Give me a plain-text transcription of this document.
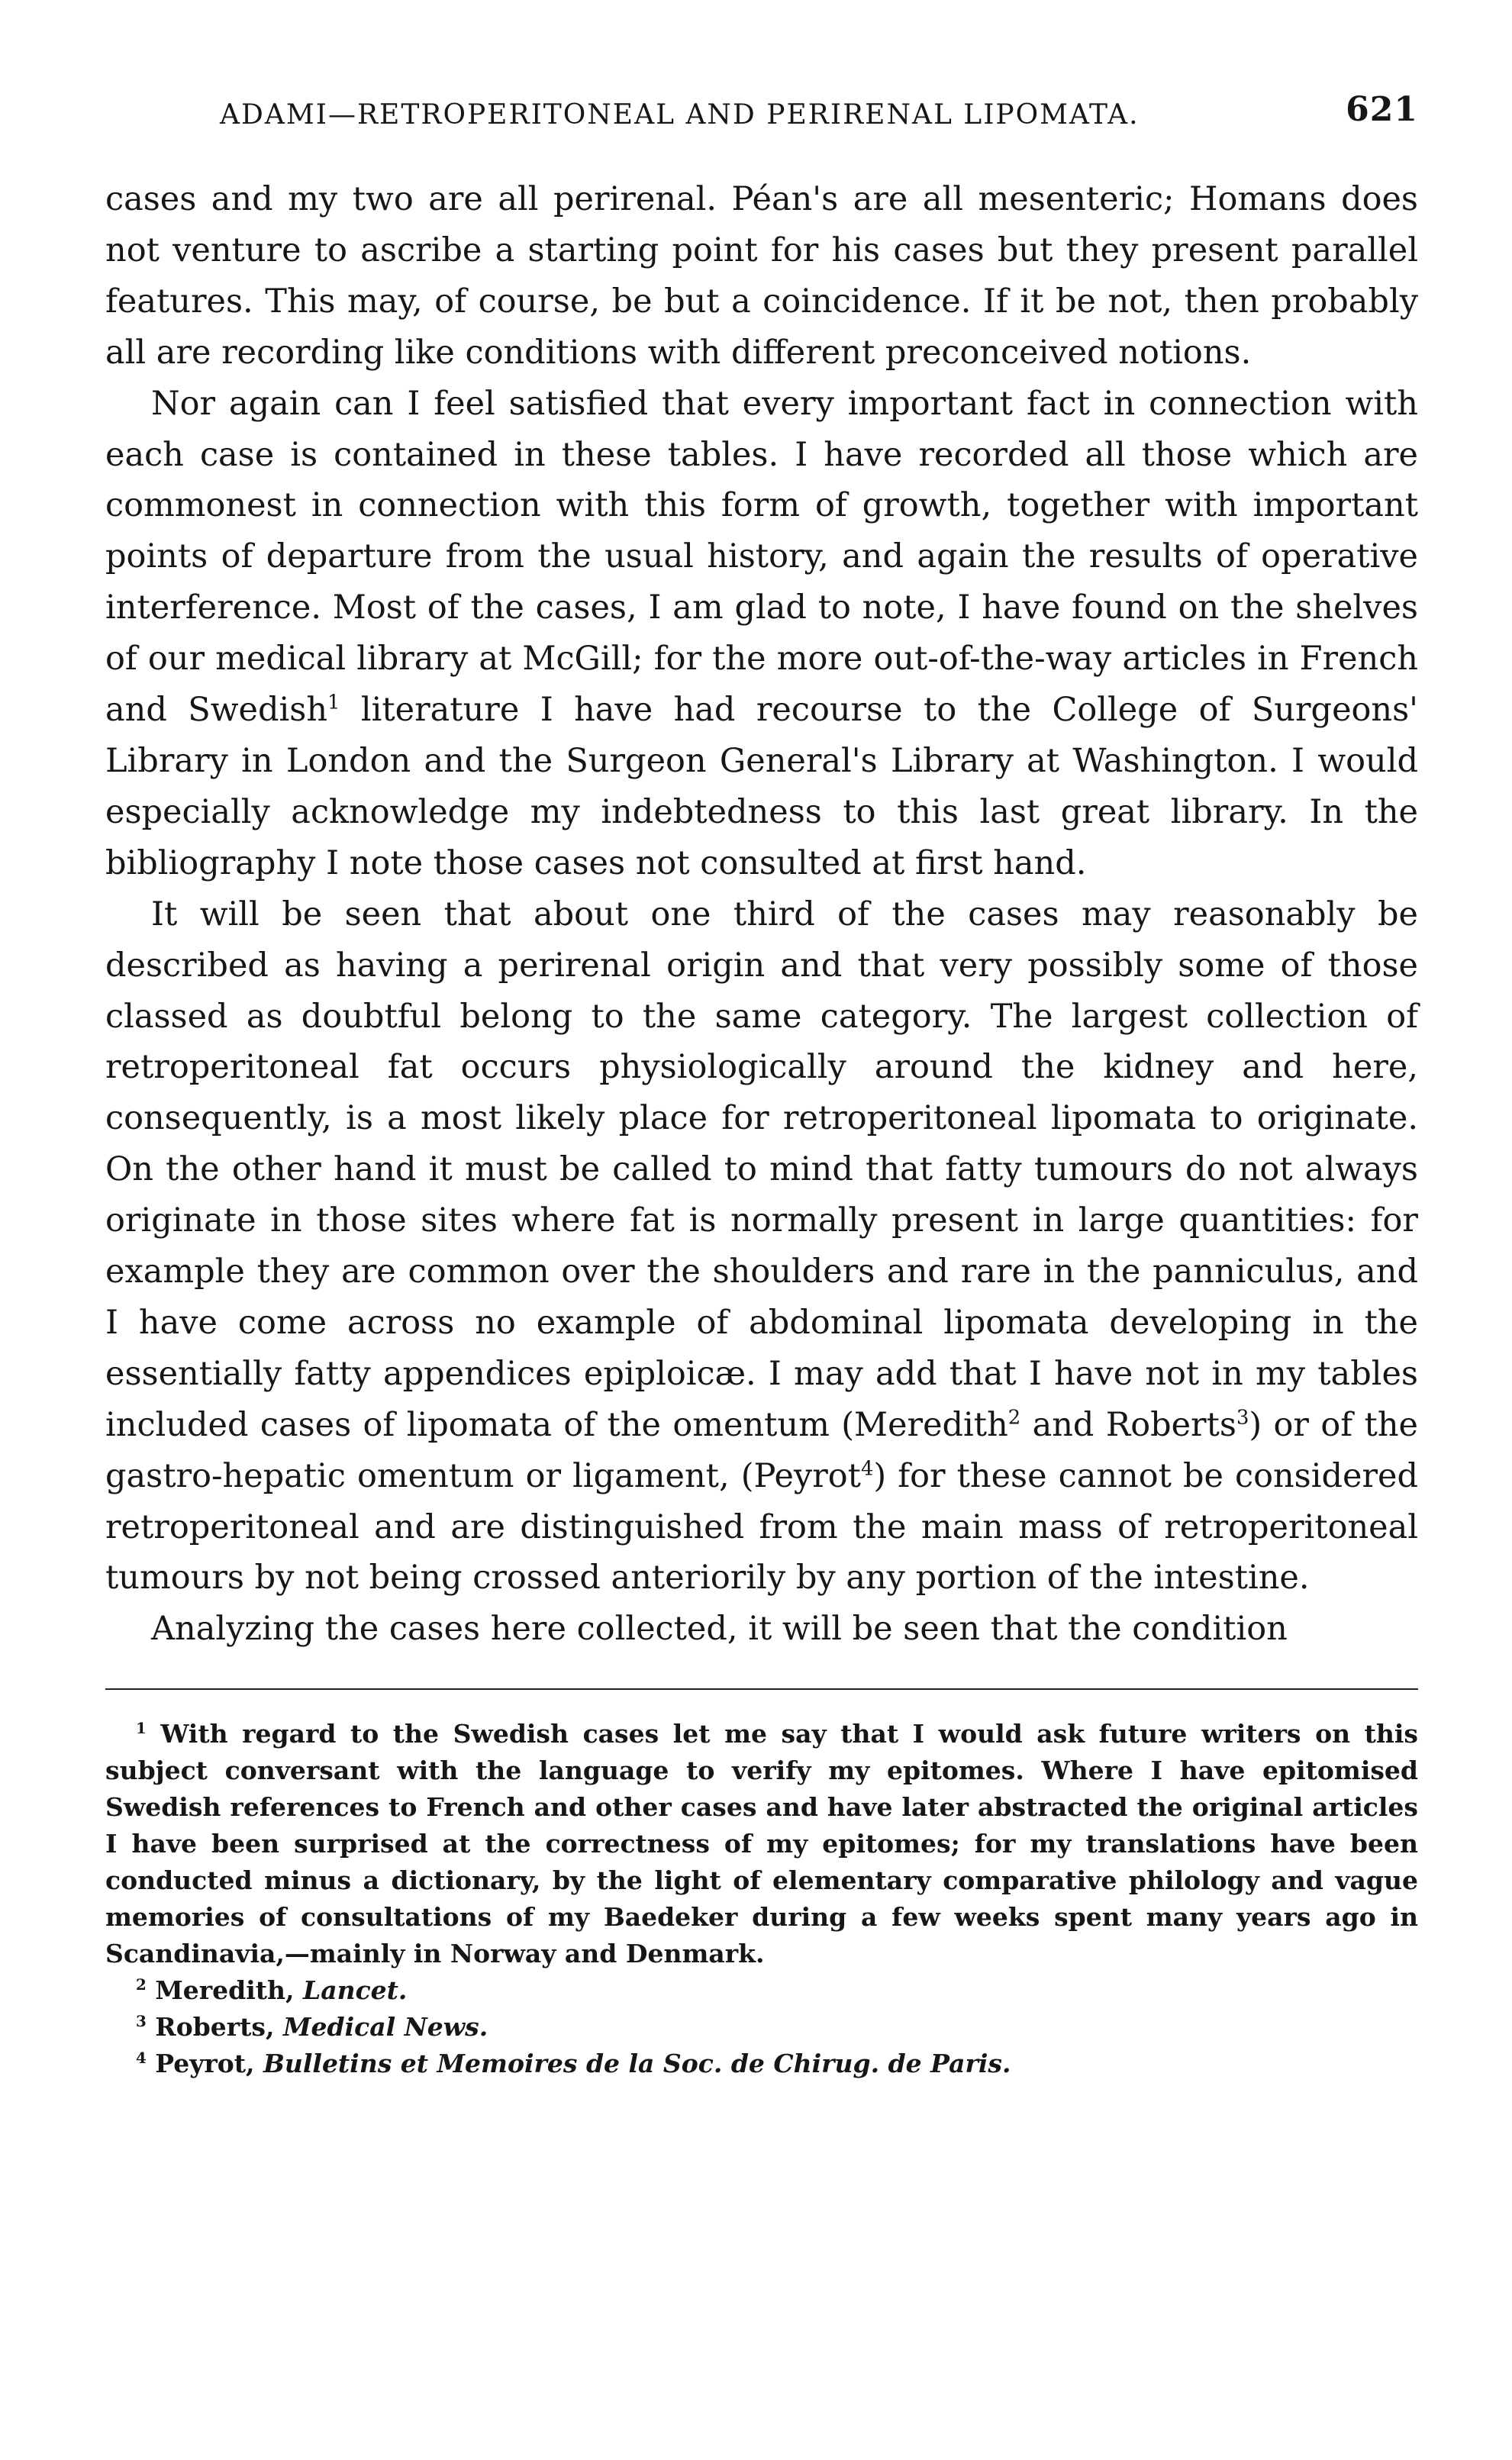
ADAMI—RETROPERITONEAL AND PERIRENAL LIPOMATA.	621

cases and my two are all perirenal. Péan's are all mesenteric; Homans does not venture to ascribe a starting point for his cases but they present parallel features. This may, of course, be but a coincidence. If it be not, then probably all are recording like conditions with different preconceived notions.

Nor again can I feel satisfied that every important fact in connection with each case is contained in these tables. I have recorded all those which are commonest in connection with this form of growth, together with important points of departure from the usual history, and again the results of operative interference. Most of the cases, I am glad to note, I have found on the shelves of our medical library at McGill; for the more out-of-the-way articles in French and Swedish$^1$ literature I have had recourse to the College of Surgeons' Library in London and the Surgeon General's Library at Washington. I would especially acknowledge my indebtedness to this last great library. In the bibliography I note those cases not consulted at first hand.

It will be seen that about one third of the cases may reasonably be described as having a perirenal origin and that very possibly some of those classed as doubtful belong to the same category. The largest collection of retroperitoneal fat occurs physiologically around the kidney and here, consequently, is a most likely place for retroperitoneal lipomata to originate. On the other hand it must be called to mind that fatty tumours do not always originate in those sites where fat is normally present in large quantities: for example they are common over the shoulders and rare in the panniculus, and I have come across no example of abdominal lipomata developing in the essentially fatty appendices epiploicæ. I may add that I have not in my tables included cases of lipomata of the omentum (Meredith$^2$ and Roberts$^3$) or of the gastro-hepatic omentum or ligament, (Peyrot$^4$) for these cannot be considered retroperitoneal and are distinguished from the main mass of retroperitoneal tumours by not being crossed anteriorily by any portion of the intestine.

Analyzing the cases here collected, it will be seen that the condition

$^1$ With regard to the Swedish cases let me say that I would ask future writers on this subject conversant with the language to verify my epitomes. Where I have epitomised Swedish references to French and other cases and have later abstracted the original articles I have been surprised at the correctness of my epitomes; for my translations have been conducted minus a dictionary, by the light of elementary comparative philology and vague memories of consultations of my Baedeker during a few weeks spent many years ago in Scandinavia,—mainly in Norway and Denmark.

$^2$ Meredith, Lancet.

$^3$ Roberts, Medical News.

$^4$ Peyrot, Bulletins et Memoires de la Soc. de Chirug. de Paris.
